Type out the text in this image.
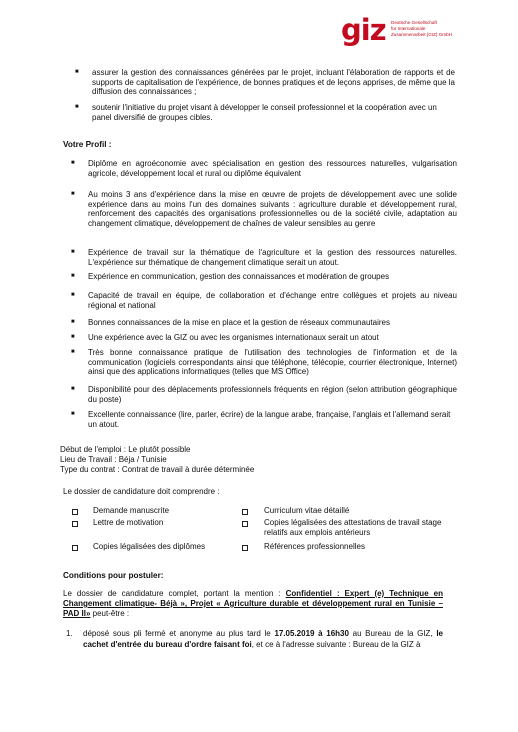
giz Deutsche Gesellschaft
für Internationale
Zusammenarbeit (GIZ) GmbH
■ assurer la gestion des connaissances générées par le projet, incluant l'élaboration de rapports et de supports de capitalisation de l'expérience, de bonnes pratiques et de leçons apprises, de même que la diffusion des connaissances ;
■ soutenir l'initiative du projet visant à développer le conseil professionnel et la coopération avec un panel diversifié de groupes cibles.
Votre Profil :
■ Diplôme en agroéconomie avec spécialisation en gestion des ressources naturelles, vulgarisation agricole, développement local et rural ou diplôme équivalent
■ Au moins 3 ans d'expérience dans la mise en œuvre de projets de développement avec une solide expérience dans au moins l'un des domaines suivants : agriculture durable et développement rural, renforcement des capacités des organisations professionnelles ou de la société civile, adaptation au changement climatique, développement de chaînes de valeur sensibles au genre
■ Expérience de travail sur la thématique de l'agriculture et la gestion des ressources naturelles. L'expérience sur thématique de changement climatique serait un atout.
■ Expérience en communication, gestion des connaissances et modération de groupes
■ Capacité de travail en équipe, de collaboration et d'échange entre collègues et projets au niveau régional et national
■ Bonnes connaissances de la mise en place et la gestion de réseaux communautaires
■ Une expérience avec la GIZ ou avec les organismes internationaux serait un atout
■ Très bonne connaissance pratique de l'utilisation des technologies de l'information et de la communication (logiciels correspondants ainsi que téléphone, télécopie, courrier électronique, Internet) ainsi que des applications informatiques (telles que MS Office)
■ Disponibilité pour des déplacements professionnels fréquents en région (selon attribution géographique du poste)
■ Excellente connaissance (lire, parler, écrire) de la langue arabe, française, l'anglais et l'allemand serait un atout.
Début de l'emploi : Le plutôt possible
Lieu de Travail : Béja / Tunisie
Type du contrat : Contrat de travail à durée déterminée
Le dossier de candidature doit comprendre :
Demande manuscrite
Lettre de motivation
Copies légalisées des diplômes
Curriculum vitae détaillé
Copies légalisées des attestations de travail stage relatifs aux emplois antérieurs
Références professionnelles
Conditions pour postuler:
Le dossier de candidature complet, portant la mention : Confidentiel : Expert (e) Technique en Changement climatique- Béjà », Projet « Agriculture durable et développement rural en Tunisie – PAD II» peut-être :
1. déposé sous pli fermé et anonyme au plus tard le 17.05.2019 à 16h30 au Bureau de la GIZ, le cachet d'entrée du bureau d'ordre faisant foi, et ce à l'adresse suivante : Bureau de la GIZ à
